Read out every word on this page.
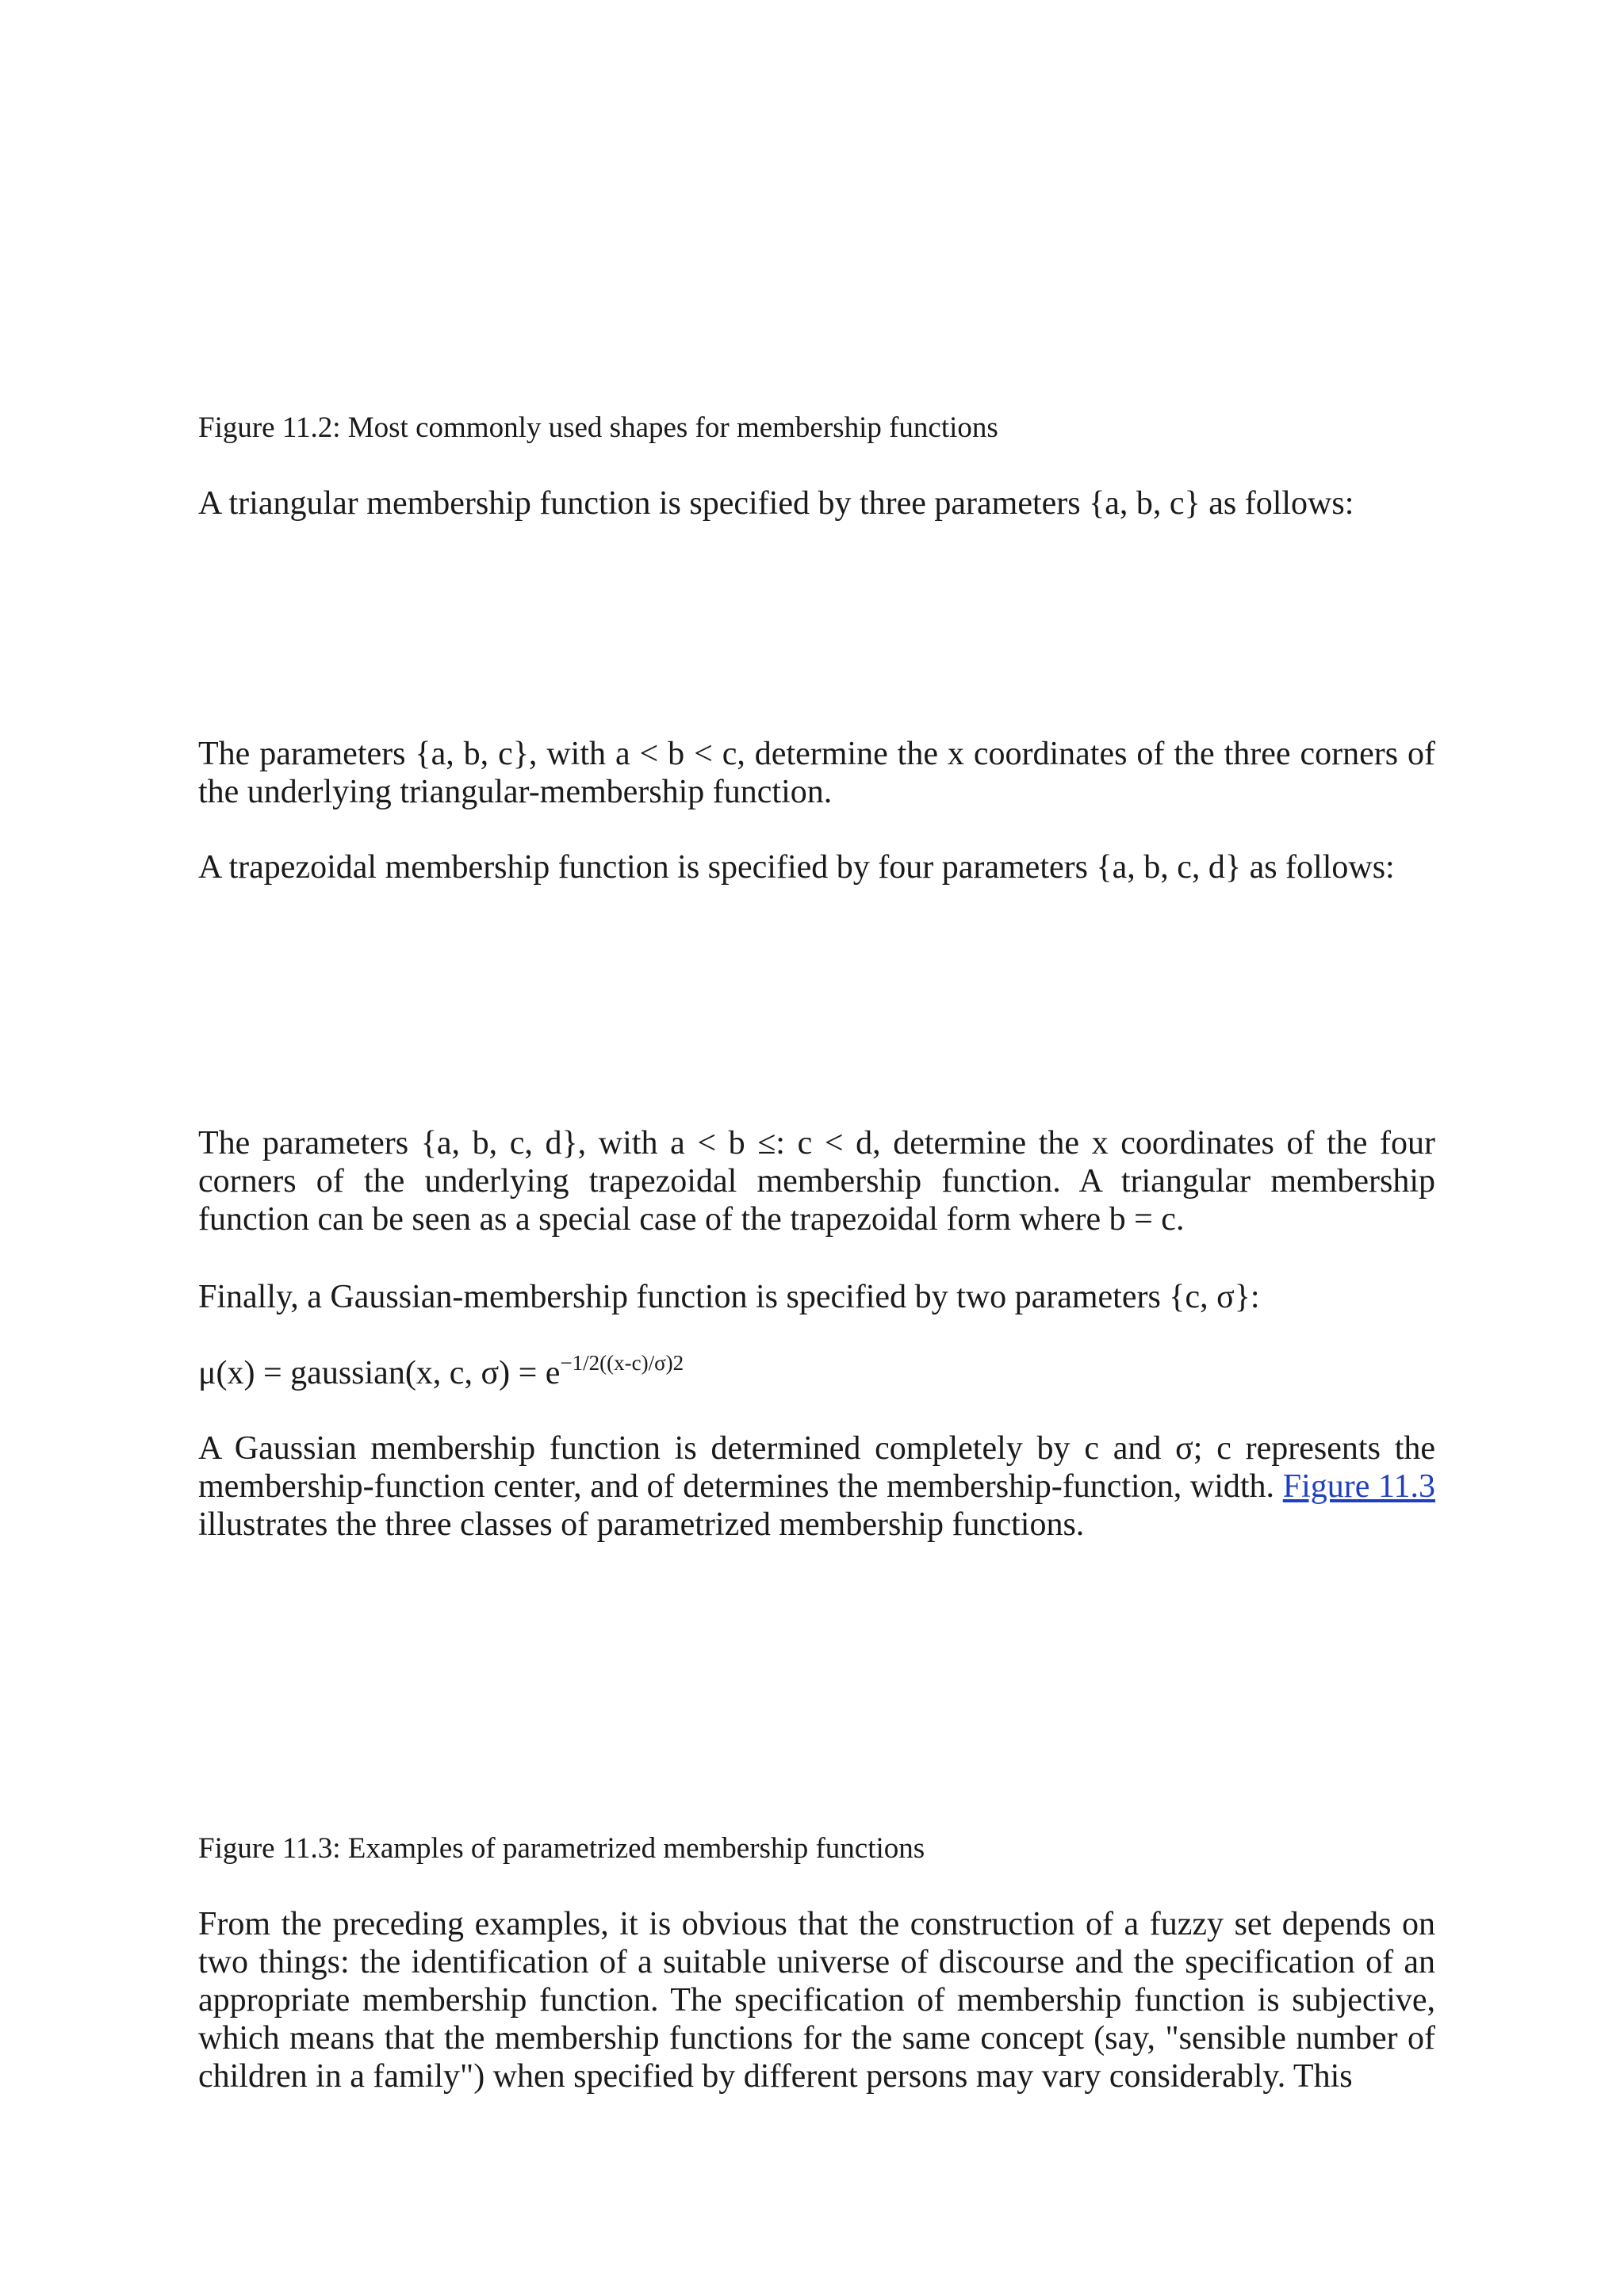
Figure 11.2: Most commonly used shapes for membership functions
A triangular membership function is specified by three parameters {a, b, c} as follows:
The parameters {a, b, c}, with a < b < c, determine the x coordinates of the three corners of the underlying triangular-membership function.
A trapezoidal membership function is specified by four parameters {a, b, c, d} as follows:
The parameters {a, b, c, d}, with a < b ≤: c < d, determine the x coordinates of the four corners of the underlying trapezoidal membership function. A triangular membership function can be seen as a special case of the trapezoidal form where b = c.
Finally, a Gaussian-membership function is specified by two parameters {c, σ}:
μ(x) = gaussian(x, c, $\sigma) = e^{-1/2((x-c)/\sigma)2}$
A Gaussian membership function is determined completely by c and σ; c represents the membership-function center, and of determines the membership-function, width. Figure 11.3 illustrates the three classes of parametrized membership functions.
Figure 11.3: Examples of parametrized membership functions
From the preceding examples, it is obvious that the construction of a fuzzy set depends on two things: the identification of a suitable universe of discourse and the specification of an appropriate membership function. The specification of membership function is subjective, which means that the membership functions for the same concept (say, "sensible number of children in a family") when specified by different persons may vary considerably. This
